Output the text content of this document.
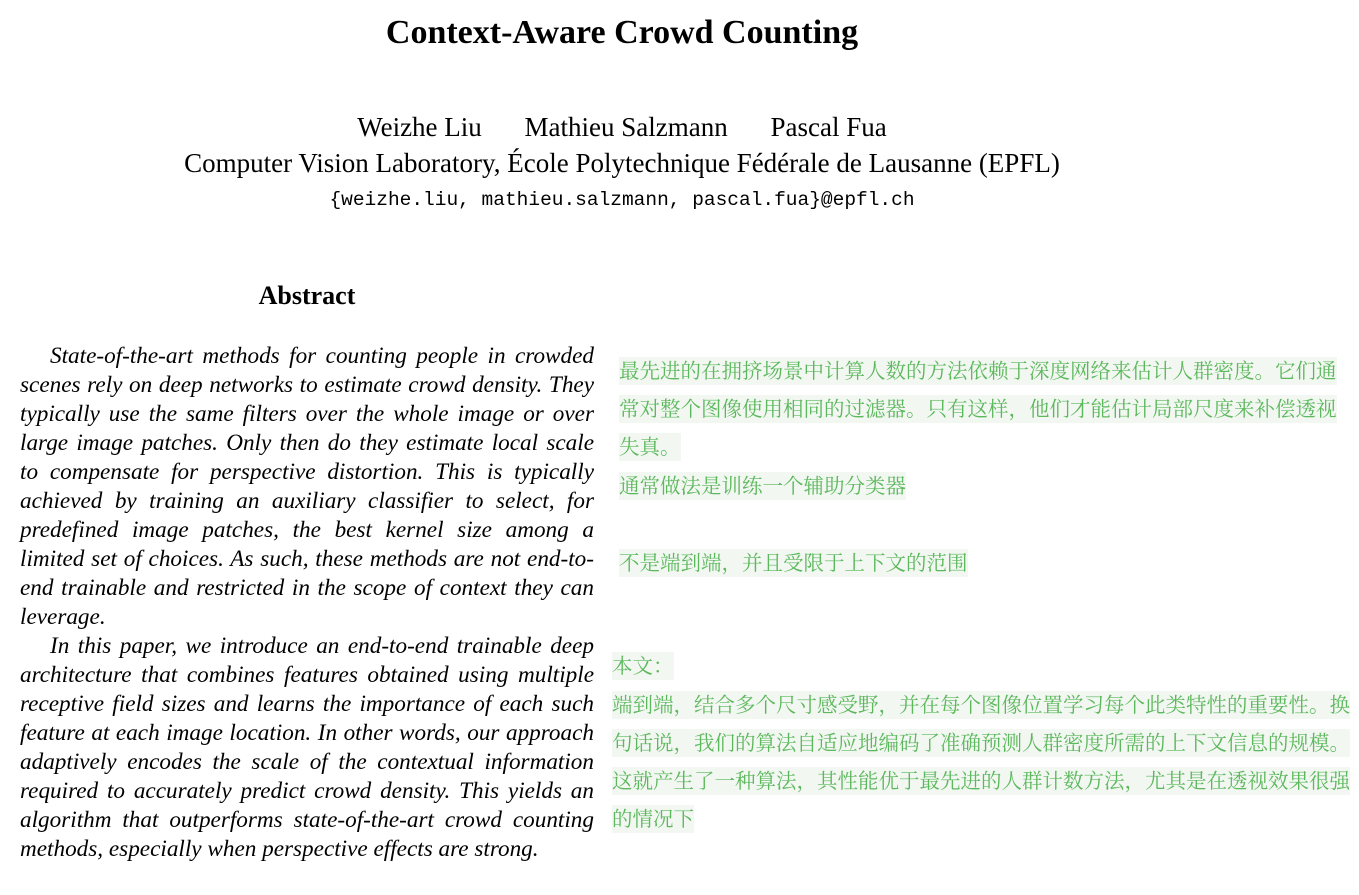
Context-Aware Crowd Counting
Weizhe Liu Mathieu Salzmann Pascal Fua
Computer Vision Laboratory, École Polytechnique Fédérale de Lausanne (EPFL)
{weizhe.liu, mathieu.salzmann, pascal.fua}@epfl.ch
Abstract

State-of-the-art methods for counting people in crowded scenes rely on deep networks to estimate crowd density. They typically use the same filters over the whole image or over large image patches. Only then do they estimate local scale to compensate for perspective distortion. This is typically achieved by training an auxiliary classifier to select, for predefined image patches, the best kernel size among a limited set of choices. As such, these methods are not end-to-end trainable and restricted in the scope of context they can leverage.

In this paper, we introduce an end-to-end trainable deep architecture that combines features obtained using multiple receptive field sizes and learns the importance of each such feature at each image location. In other words, our approach adaptively encodes the scale of the contextual information required to accurately predict crowd density. This yields an algorithm that outperforms state-of-the-art crowd counting methods, especially when perspective effects are strong.

最先进的在拥挤场景中计算人数的方法依赖于深度网络来估计人群密度。它们通常对整个图像使用相同的过滤器。只有这样，他们才能估计局部尺度来补偿透视失真。
通常做法是训练一个辅助分类器
不是端到端，并且受限于上下文的范围
本文：
端到端，结合多个尺寸感受野，并在每个图像位置学习每个此类特性的重要性。换句话说，我们的算法自适应地编码了准确预测人群密度所需的上下文信息的规模。这就产生了一种算法，其性能优于最先进的人群计数方法，尤其是在透视效果很强的情况下
